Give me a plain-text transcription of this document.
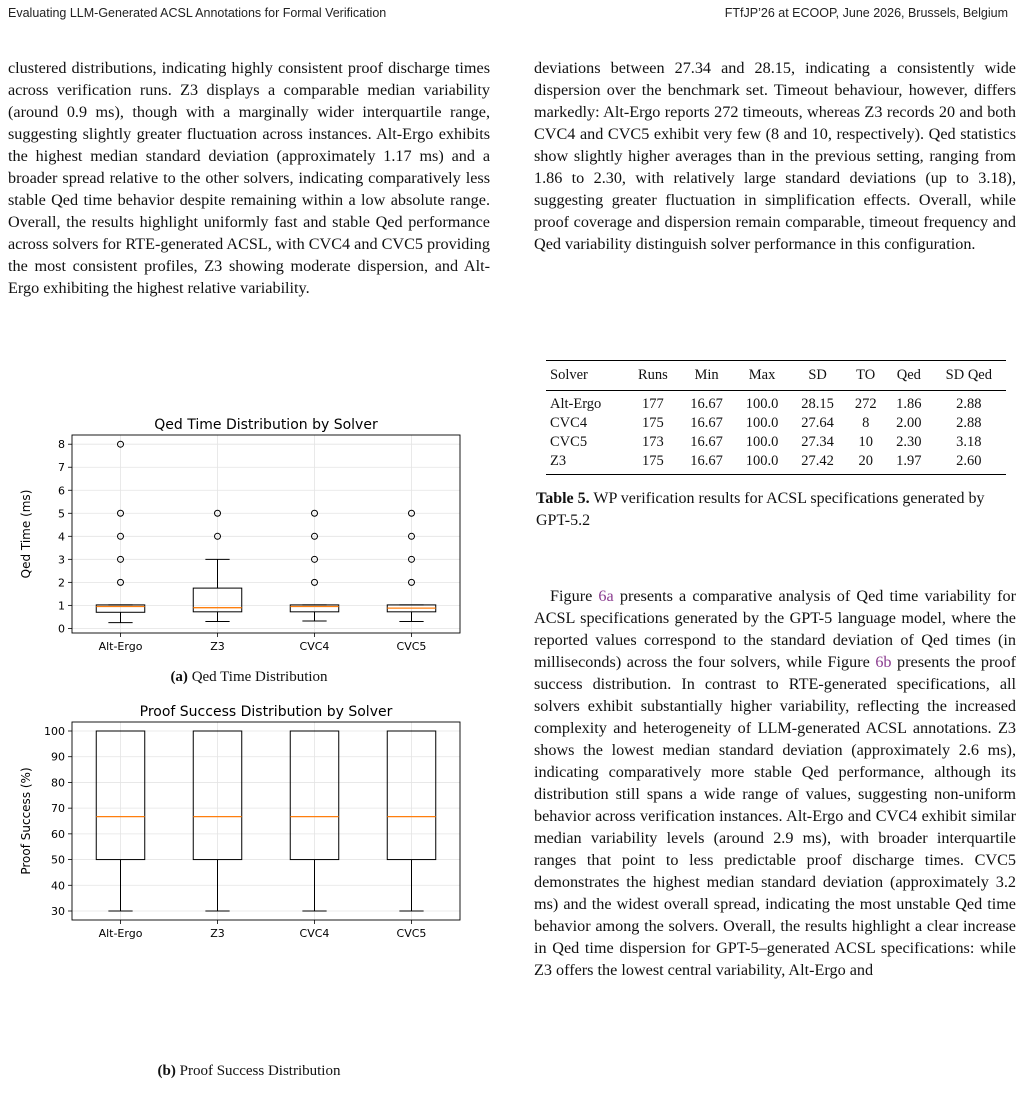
Evaluating LLM-Generated ACSL Annotations for Formal Verification	FTfJP’26 at ECOOP, June 2026, Brussels, Belgium

clustered distributions, indicating highly consistent proof discharge times across verification runs. Z3 displays a comparable median variability (around 0.9 ms), though with a marginally wider interquartile range, suggesting slightly greater fluctuation across instances. Alt-Ergo exhibits the highest median standard deviation (approximately 1.17 ms) and a broader spread relative to the other solvers, indicating comparatively less stable Qed time behavior despite remaining within a low absolute range. Overall, the results highlight uniformly fast and stable Qed performance across solvers for RTE-generated ACSL, with CVC4 and CVC5 providing the most consistent profiles, Z3 showing moderate dispersion, and Alt-Ergo exhibiting the highest relative variability.

Qed Time Distribution by Solver
0
1
2
3
4
5
6
7
8
Alt-Ergo	Z3	CVC4	CVC5
Qed Time (ms)
(a) Qed Time Distribution
Proof Success Distribution by Solver
30
40
50
60
70
80
90
100
Alt-Ergo	Z3	CVC4	CVC5
Proof Success (%)
(b) Proof Success Distribution

deviations between 27.34 and 28.15, indicating a consistently wide dispersion over the benchmark set. Timeout behaviour, however, differs markedly: Alt-Ergo reports 272 timeouts, whereas Z3 records 20 and both CVC4 and CVC5 exhibit very few (8 and 10, respectively). Qed statistics show slightly higher averages than in the previous setting, ranging from 1.86 to 2.30, with relatively large standard deviations (up to 3.18), suggesting greater fluctuation in simplification effects. Overall, while proof coverage and dispersion remain comparable, timeout frequency and Qed variability distinguish solver performance in this configuration.

Solver	Runs	Min	Max	SD	TO	Qed	SD Qed
Alt-Ergo	177	16.67	100.0	28.15	272	1.86	2.88
CVC4	175	16.67	100.0	27.64	8	2.00	2.88
CVC5	173	16.67	100.0	27.34	10	2.30	3.18
Z3	175	16.67	100.0	27.42	20	1.97	2.60
Table 5. WP verification results for ACSL specifications generated by GPT-5.2

Figure 6a presents a comparative analysis of Qed time variability for ACSL specifications generated by the GPT-5 language model, where the reported values correspond to the standard deviation of Qed times (in milliseconds) across the four solvers, while Figure 6b presents the proof success distribution. In contrast to RTE-generated specifications, all solvers exhibit substantially higher variability, reflecting the increased complexity and heterogeneity of LLM-generated ACSL annotations. Z3 shows the lowest median standard deviation (approximately 2.6 ms), indicating comparatively more stable Qed performance, although its distribution still spans a wide range of values, suggesting non-uniform behavior across verification instances. Alt-Ergo and CVC4 exhibit similar median variability levels (around 2.9 ms), with broader interquartile ranges that point to less predictable proof discharge times. CVC5 demonstrates the highest median standard deviation (approximately 3.2 ms) and the widest overall spread, indicating the most unstable Qed time behavior among the solvers. Overall, the results highlight a clear increase in Qed time dispersion for GPT-5–generated ACSL specifications: while Z3 offers the lowest central variability, Alt-Ergo and
